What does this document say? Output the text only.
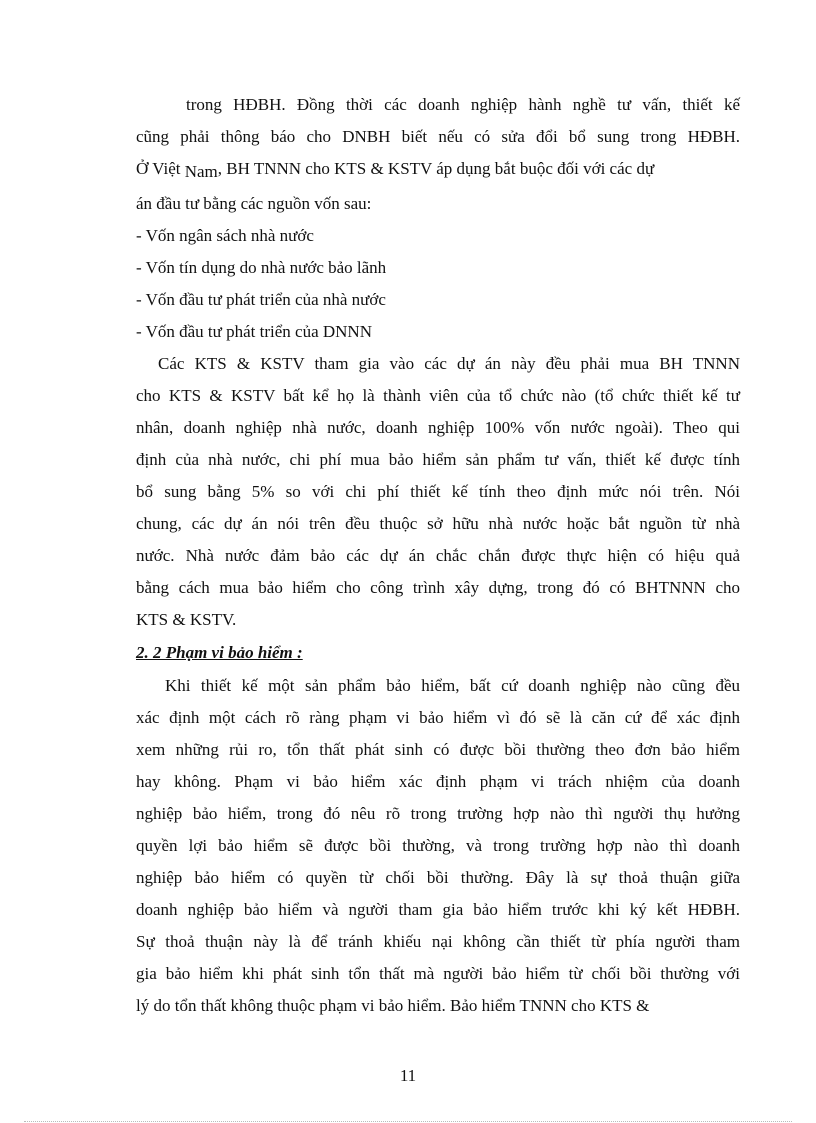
trong HĐBH. Đồng thời các doanh nghiệp hành nghề tư vấn, thiết kế
cũng phải thông báo cho DNBH biết nếu có sửa đổi bổ sung trong HĐBH.
Ở Việt Nam, BH TNNN cho KTS & KSTV áp dụng bắt buộc đối với các dự
án đầu tư bằng các nguồn vốn sau:
- Vốn ngân sách nhà nước
- Vốn tín dụng do nhà nước bảo lãnh
- Vốn đầu tư phát triển của nhà nước
- Vốn đầu tư phát triển của DNNN
Các KTS & KSTV tham gia vào các dự án này đều phải mua BH TNNN
cho KTS & KSTV bất kể họ là thành viên của tổ chức nào (tổ chức thiết kế tư
nhân, doanh nghiệp nhà nước, doanh nghiệp 100% vốn nước ngoài). Theo qui
định của nhà nước, chi phí mua bảo hiểm sản phẩm tư vấn, thiết kế được tính
bổ sung bằng 5% so với chi phí thiết kế tính theo định mức nói trên. Nói
chung, các dự án nói trên đều thuộc sở hữu nhà nước hoặc bắt nguồn từ nhà
nước. Nhà nước đảm bảo các dự án chắc chắn được thực hiện có hiệu quả
bằng cách mua bảo hiểm cho công trình xây dựng, trong đó có BHTNNN cho
KTS & KSTV.
2. 2 Phạm vi bảo hiểm :
Khi thiết kế một sản phẩm bảo hiểm, bất cứ doanh nghiệp nào cũng đều
xác định một cách rõ ràng phạm vi bảo hiểm vì đó sẽ là căn cứ để xác định
xem những rủi ro, tổn thất phát sinh có được bồi thường theo đơn bảo hiểm
hay không. Phạm vi bảo hiểm xác định phạm vi trách nhiệm của doanh
nghiệp bảo hiểm, trong đó nêu rõ trong trường hợp nào thì người thụ hưởng
quyền lợi bảo hiểm sẽ được bồi thường, và trong trường hợp nào thì doanh
nghiệp bảo hiểm có quyền từ chối bồi thường. Đây là sự thoả thuận giữa
doanh nghiệp bảo hiểm và người tham gia bảo hiểm trước khi ký kết HĐBH.
Sự thoả thuận này là để tránh khiếu nại không cần thiết từ phía người tham
gia bảo hiểm khi phát sinh tổn thất mà người bảo hiểm từ chối bồi thường với
lý do tổn thất không thuộc phạm vi bảo hiểm. Bảo hiểm TNNN cho KTS &
11
